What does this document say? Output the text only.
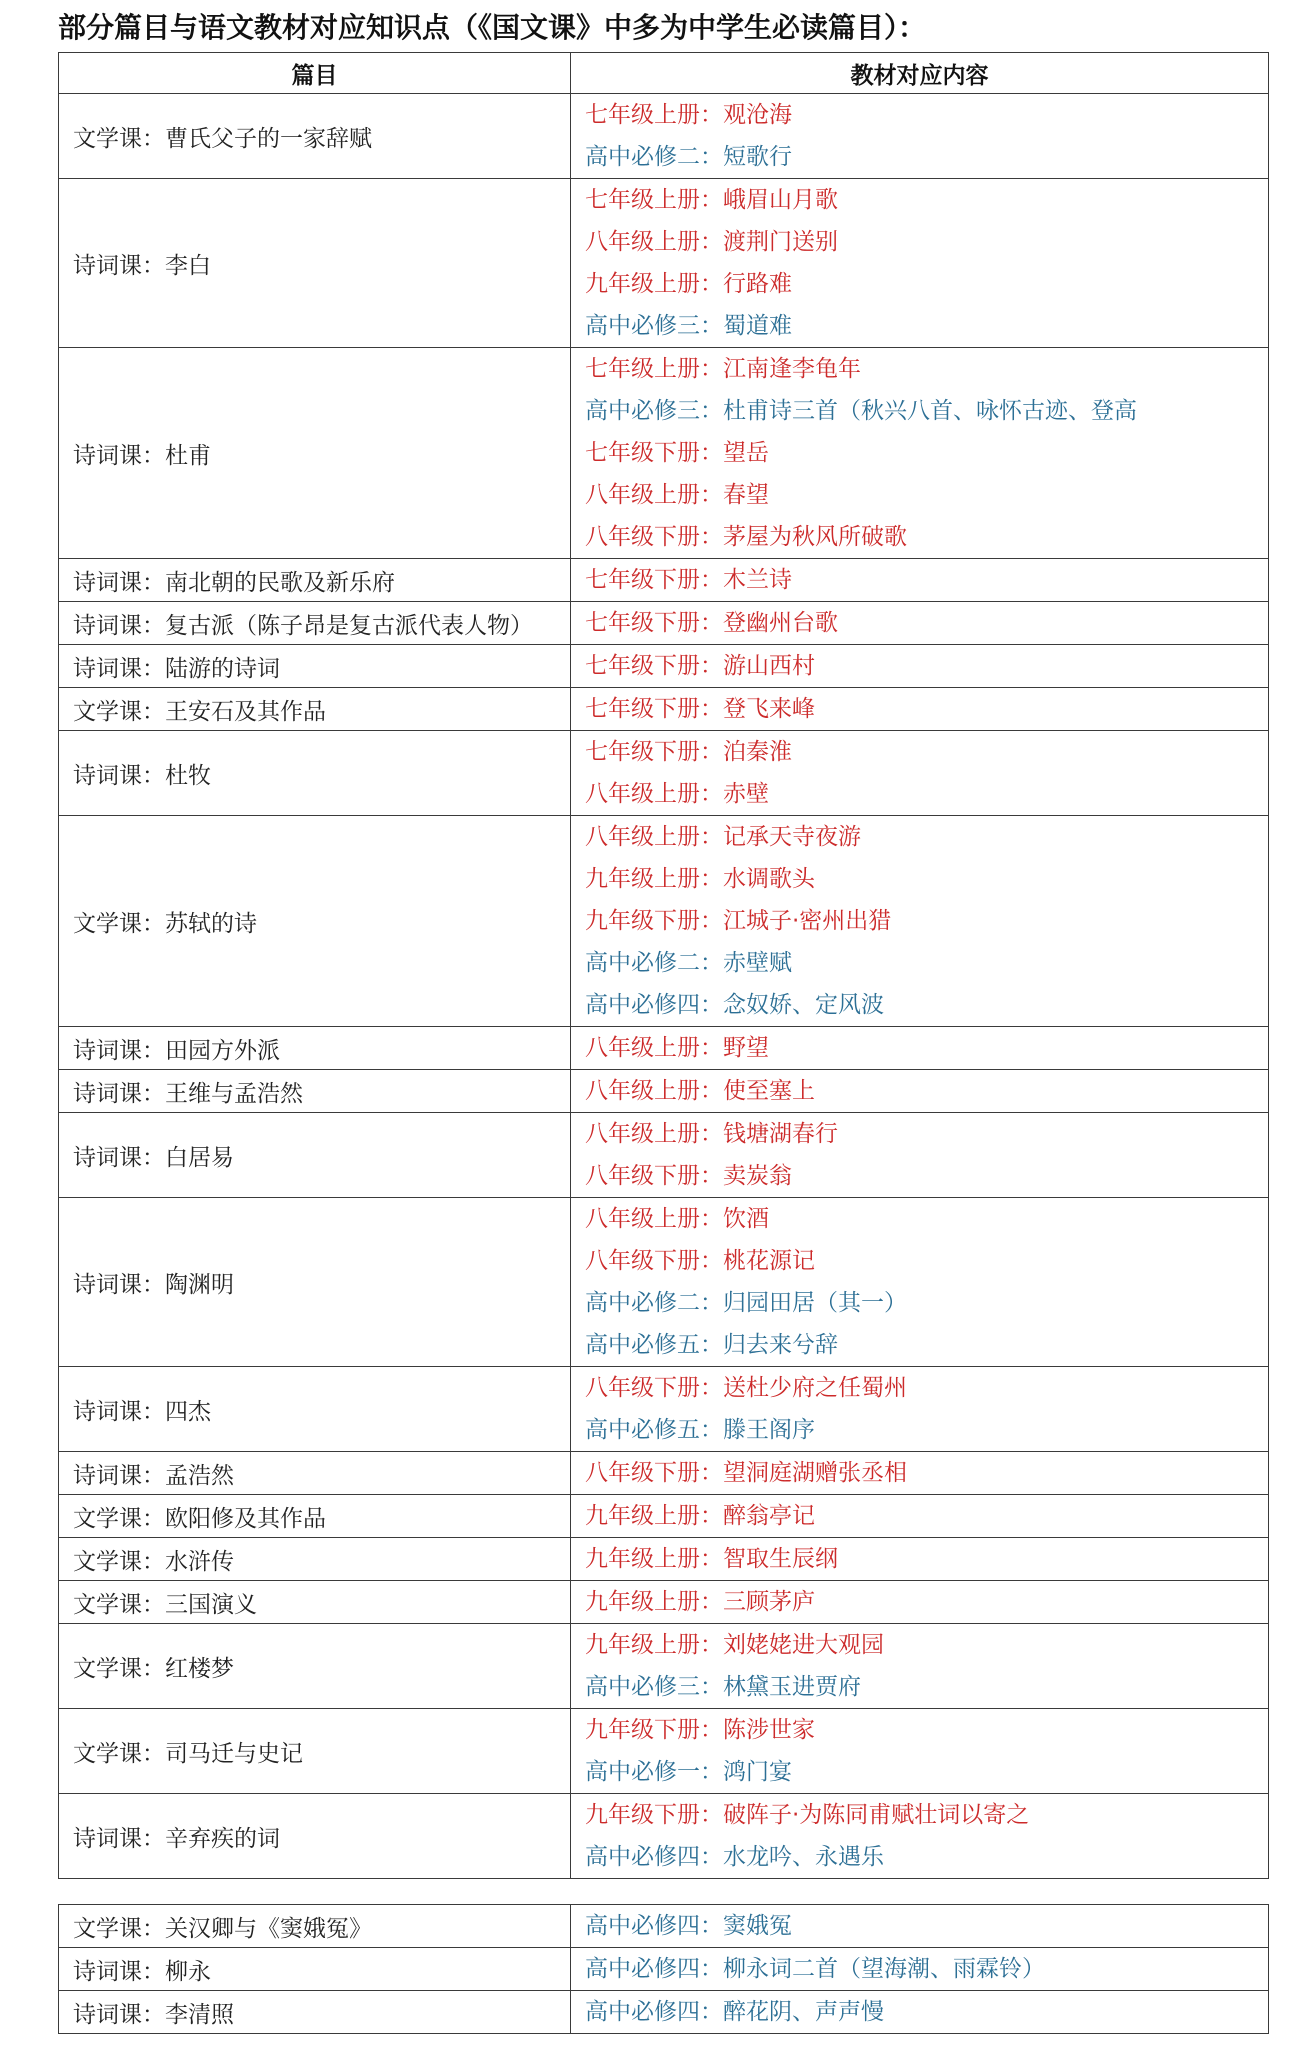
部分篇目与语文教材对应知识点（《国文课》中多为中学生必读篇目）：
篇目	教材对应内容
文学课：曹氏父子的一家辞赋	七年级上册：观沧海
高中必修二：短歌行

诗词课：李白	七年级上册：峨眉山月歌
八年级上册：渡荆门送别
九年级上册：行路难
高中必修三：蜀道难

诗词课：杜甫	七年级上册：江南逢李龟年
高中必修三：杜甫诗三首（秋兴八首、咏怀古迹、登高
七年级下册：望岳
八年级上册：春望
八年级下册：茅屋为秋风所破歌

诗词课：南北朝的民歌及新乐府	七年级下册：木兰诗

诗词课：复古派（陈子昂是复古派代表人物）	七年级下册：登幽州台歌

诗词课：陆游的诗词	七年级下册：游山西村

文学课：王安石及其作品	七年级下册：登飞来峰

诗词课：杜牧	七年级下册：泊秦淮
八年级上册：赤壁

文学课：苏轼的诗	八年级上册：记承天寺夜游
九年级上册：水调歌头
九年级下册：江城子·密州出猎
高中必修二：赤壁赋
高中必修四：念奴娇、定风波

诗词课：田园方外派	八年级上册：野望

诗词课：王维与孟浩然	八年级上册：使至塞上

诗词课：白居易	八年级上册：钱塘湖春行
八年级下册：卖炭翁

诗词课：陶渊明	八年级上册：饮酒
八年级下册：桃花源记
高中必修二：归园田居（其一）
高中必修五：归去来兮辞

诗词课：四杰	八年级下册：送杜少府之任蜀州
高中必修五：滕王阁序

诗词课：孟浩然	八年级下册：望洞庭湖赠张丞相

文学课：欧阳修及其作品	九年级上册：醉翁亭记

文学课：水浒传	九年级上册：智取生辰纲

文学课：三国演义	九年级上册：三顾茅庐

文学课：红楼梦	九年级上册：刘姥姥进大观园
高中必修三：林黛玉进贾府

文学课：司马迁与史记	九年级下册：陈涉世家
高中必修一：鸿门宴

诗词课：辛弃疾的词	九年级下册：破阵子·为陈同甫赋壮词以寄之
高中必修四：水龙吟、永遇乐
文学课：关汉卿与《窦娥冤》	高中必修四：窦娥冤

诗词课：柳永	高中必修四：柳永词二首（望海潮、雨霖铃）

诗词课：李清照	高中必修四：醉花阴、声声慢
